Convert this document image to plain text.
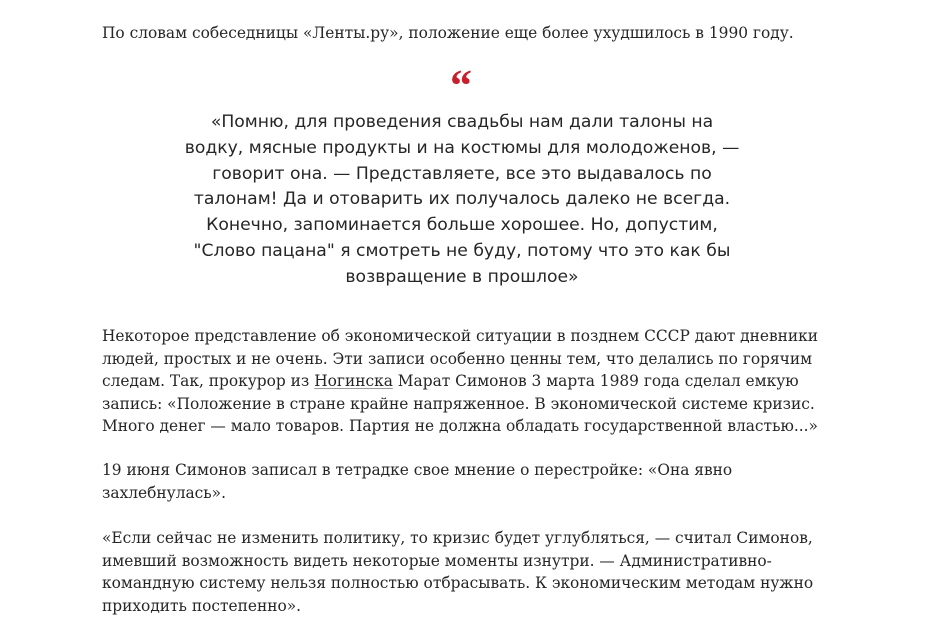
По словам собеседницы «Ленты.ру», положение еще более ухудшилось в 1990 году.

“
«Помню, для проведения свадьбы нам дали талоны на
водку, мясные продукты и на костюмы для молодоженов, —
говорит она. — Представляете, все это выдавалось по
талонам! Да и отоварить их получалось далеко не всегда.
Конечно, запоминается больше хорошее. Но, допустим,
"Слово пацана" я смотреть не буду, потому что это как бы
возвращение в прошлое»

Некоторое представление об экономической ситуации в позднем СССР дают дневники
людей, простых и не очень. Эти записи особенно ценны тем, что делались по горячим
следам. Так, прокурор из Ногинска Марат Симонов 3 марта 1989 года сделал емкую
запись: «Положение в стране крайне напряженное. В экономической системе кризис.
Много денег — мало товаров. Партия не должна обладать государственной властью...»

19 июня Симонов записал в тетрадке свое мнение о перестройке: «Она явно
захлебнулась».

«Если сейчас не изменить политику, то кризис будет углубляться, — считал Симонов,
имевший возможность видеть некоторые моменты изнутри. — Административно-
командную систему нельзя полностью отбрасывать. К экономическим методам нужно
приходить постепенно».
